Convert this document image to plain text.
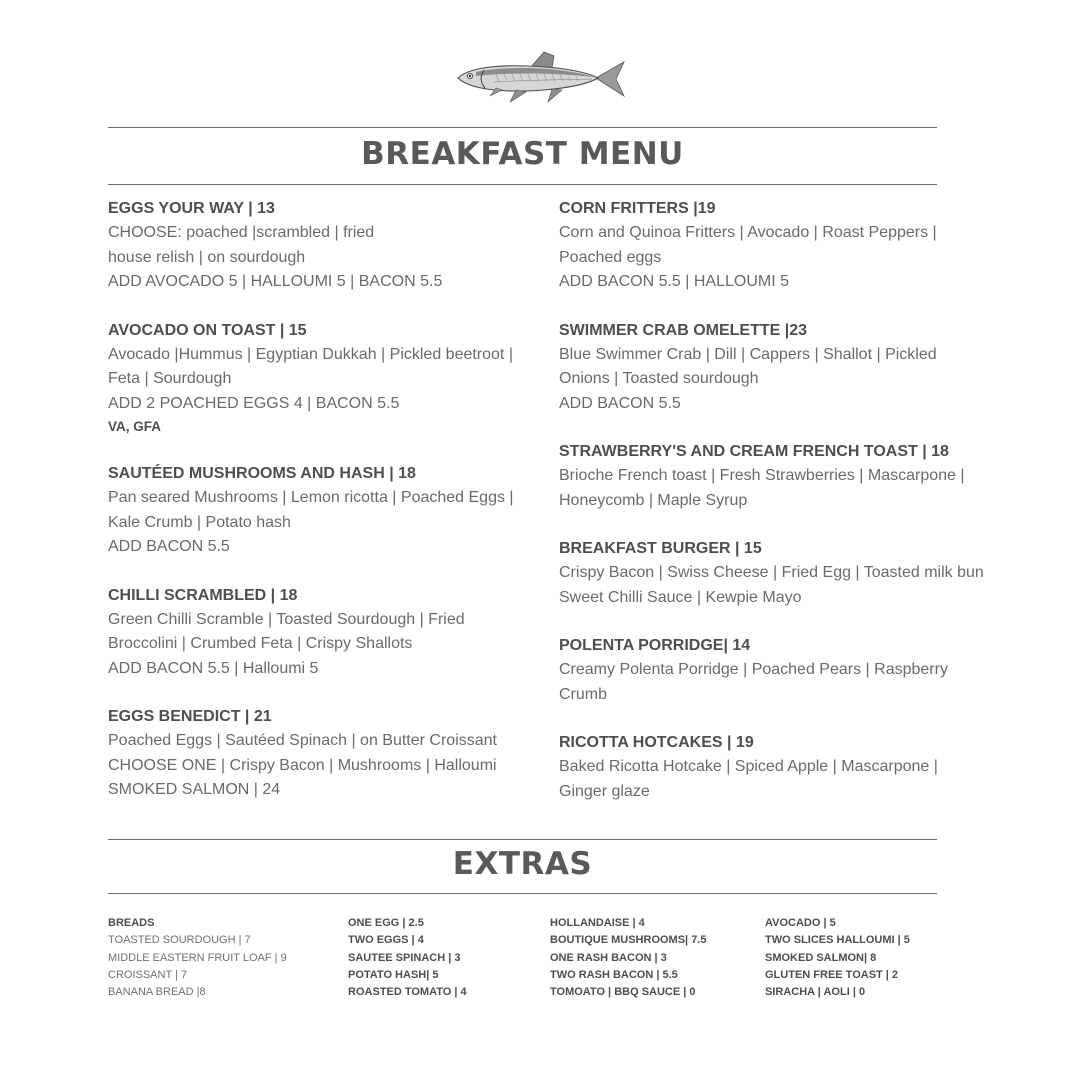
BREAKFAST MENU
EGGS YOUR WAY | 13
CHOOSE: poached |scrambled | fried
house relish | on sourdough
ADD AVOCADO 5 | HALLOUMI 5 | BACON 5.5
AVOCADO ON TOAST | 15
Avocado |Hummus | Egyptian Dukkah | Pickled beetroot |
Feta | Sourdough
ADD 2 POACHED EGGS 4 | BACON 5.5
VA, GFA
SAUTÉED MUSHROOMS AND HASH | 18
Pan seared Mushrooms | Lemon ricotta | Poached Eggs |
Kale Crumb | Potato hash
ADD BACON 5.5
CHILLI SCRAMBLED | 18
Green Chilli Scramble | Toasted Sourdough | Fried
Broccolini | Crumbed Feta | Crispy Shallots
ADD BACON 5.5 | Halloumi 5
EGGS BENEDICT | 21
Poached Eggs | Sautéed Spinach | on Butter Croissant
CHOOSE ONE | Crispy Bacon | Mushrooms | Halloumi
SMOKED SALMON | 24
CORN FRITTERS |19
Corn and Quinoa Fritters | Avocado | Roast Peppers |
Poached eggs
ADD BACON 5.5 | HALLOUMI 5
SWIMMER CRAB OMELETTE |23
Blue Swimmer Crab | Dill | Cappers | Shallot | Pickled
Onions | Toasted sourdough
ADD BACON 5.5
STRAWBERRY'S AND CREAM FRENCH TOAST | 18
Brioche French toast | Fresh Strawberries | Mascarpone |
Honeycomb | Maple Syrup
BREAKFAST BURGER | 15
Crispy Bacon | Swiss Cheese | Fried Egg | Toasted milk bun
Sweet Chilli Sauce | Kewpie Mayo
POLENTA PORRIDGE| 14
Creamy Polenta Porridge | Poached Pears | Raspberry
Crumb
RICOTTA HOTCAKES | 19
Baked Ricotta Hotcake | Spiced Apple | Mascarpone |
Ginger glaze
EXTRAS
BREADS
TOASTED SOURDOUGH | 7
MIDDLE EASTERN FRUIT LOAF | 9
CROISSANT | 7
BANANA BREAD |8
ONE EGG | 2.5
TWO EGGS | 4
SAUTEE SPINACH | 3
POTATO HASH| 5
ROASTED TOMATO | 4
HOLLANDAISE | 4
BOUTIQUE MUSHROOMS| 7.5
ONE RASH BACON | 3
TWO RASH BACON | 5.5
TOMOATO | BBQ SAUCE | 0
AVOCADO | 5
TWO SLICES HALLOUMI | 5
SMOKED SALMON| 8
GLUTEN FREE TOAST | 2
SIRACHA | AOLI | 0
